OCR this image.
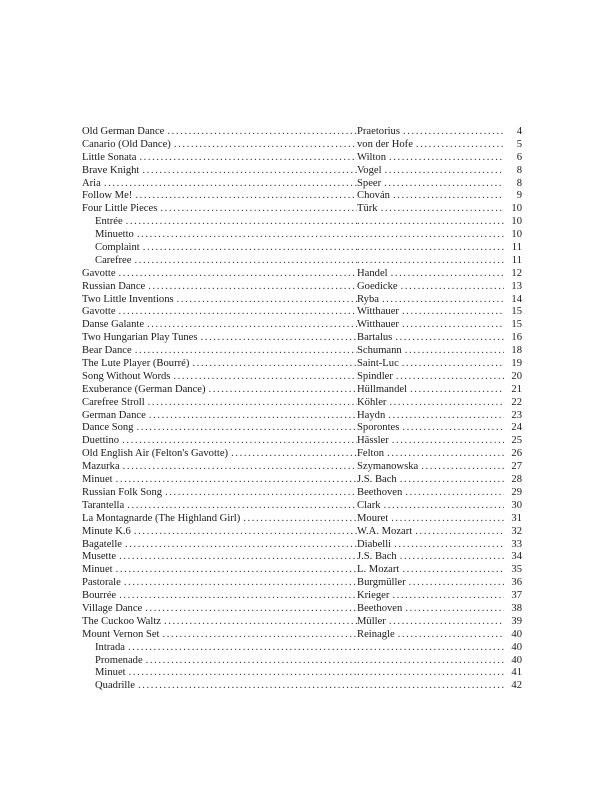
Old German Dance .....	Praetorius .....	4
Canario (Old Dance) .....	von der Hofe .....	5
Little Sonata .....	Wilton .....	6
Brave Knight .....	Vogel .....	8
Aria .....	Speer .....	8
Follow Me! .....	Chován .....	9
Four Little Pieces .....	Türk .....	10
Entrée ..... .....	10
Minuetto ..... .....	10
Complaint ..... .....	11
Carefree ..... .....	11
Gavotte .....	Handel .....	12
Russian Dance .....	Goedicke .....	13
Two Little Inventions .....	Ryba .....	14
Gavotte .....	Witthauer .....	15
Danse Galante .....	Witthauer .....	15
Two Hungarian Play Tunes .....	Bartalus .....	16
Bear Dance .....	Schumann .....	18
The Lute Player (Bourré) .....	Saint-Luc .....	19
Song Without Words .....	Spindler .....	20
Exuberance (German Dance) .....	Hüllmandel .....	21
Carefree Stroll .....	Köhler .....	22
German Dance .....	Haydn .....	23
Dance Song .....	Sporontes .....	24
Duettino .....	Hässler .....	25
Old English Air (Felton's Gavotte) .....	Felton .....	26
Mazurka .....	Szymanowska .....	27
Minuet .....	J.S. Bach .....	28
Russian Folk Song .....	Beethoven .....	29
Tarantella .....	Clark .....	30
La Montagnarde (The Highland Girl) .....	Mouret .....	31
Minute K.6 .....	W.A. Mozart .....	32
Bagatelle .....	Diabelli .....	33
Musette .....	J.S. Bach .....	34
Minuet .....	L. Mozart .....	35
Pastorale .....	Burgmüller .....	36
Bourrée .....	Krieger .....	37
Village Dance .....	Beethoven .....	38
The Cuckoo Waltz .....	Müller .....	39
Mount Vernon Set .....	Reinagle .....	40
Intrada ..... .....	40
Promenade ..... .....	40
Minuet ..... .....	41
Quadrille ..... .....	42
